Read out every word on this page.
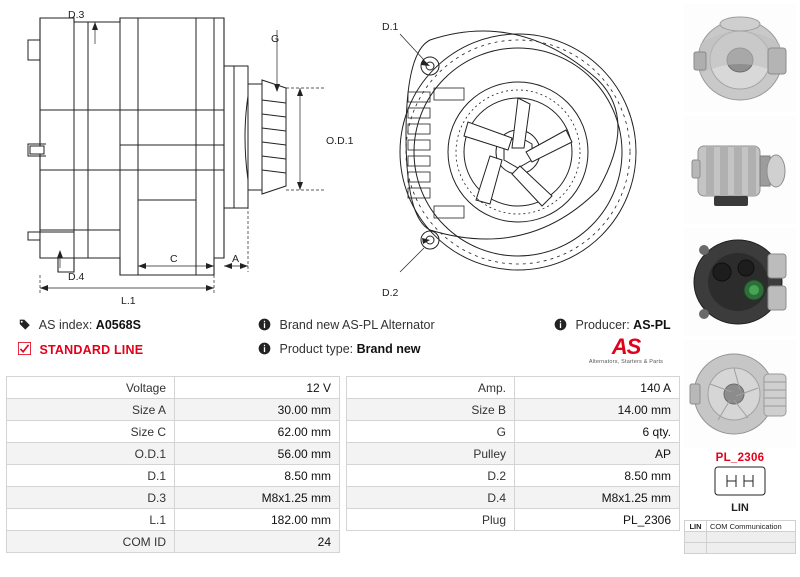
D.3
G
O.D.1
D.4
C	A
L.1
D.1
D.2
AS index: A0568S
STANDARD LINE
Brand new AS-PL Alternator
Product type: Brand new
Producer: AS-PL
AS
Alternators, Starters & Parts
Voltage	12 V
Size A	30.00 mm
Size C	62.00 mm
O.D.1	56.00 mm
D.1	8.50 mm
D.3	M8x1.25 mm
L.1	182.00 mm
COM ID	24
Amp.	140 A
Size B	14.00 mm
G	6 qty.
Pulley	AP
D.2	8.50 mm
D.4	M8x1.25 mm
Plug	PL_2306
PL_2306
LIN
LIN	COM Communication
